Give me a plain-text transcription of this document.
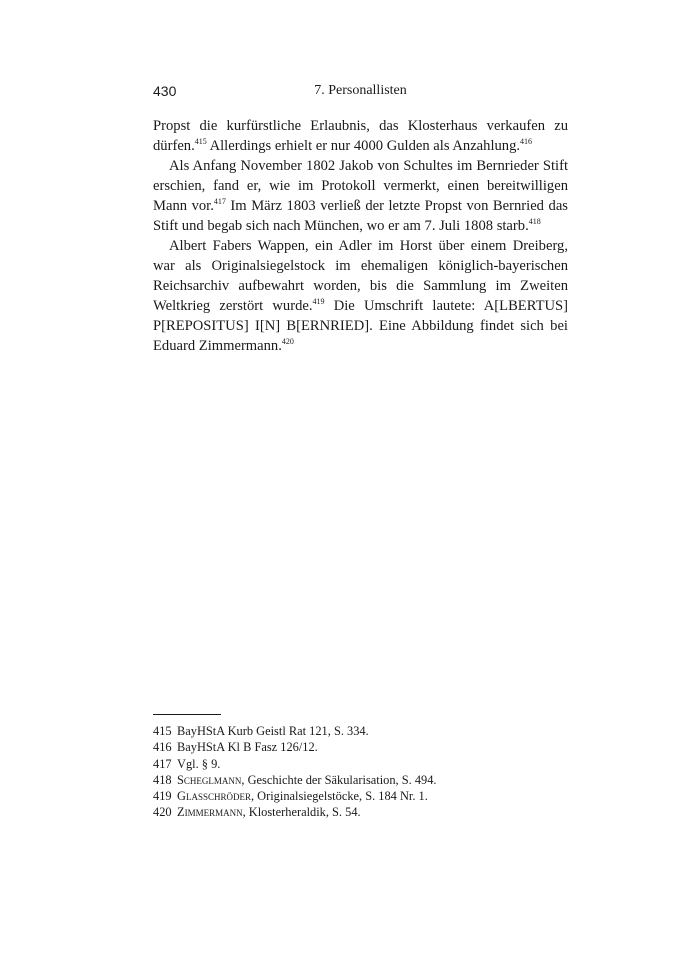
430	7. Personallisten

Propst die kurfürstliche Erlaubnis, das Klosterhaus verkaufen zu dürfen.$^{415}$ Allerdings erhielt er nur 4000 Gulden als Anzahlung.$^{416}$

Als Anfang November 1802 Jakob von Schultes im Bernrieder Stift erschien, fand er, wie im Protokoll vermerkt, einen bereitwilligen Mann vor.$^{417}$ Im März 1803 verließ der letzte Propst von Bernried das Stift und begab sich nach München, wo er am 7. Juli 1808 starb.$^{418}$

Albert Fabers Wappen, ein Adler im Horst über einem Dreiberg, war als Originalsiegelstock im ehemaligen königlich-bayerischen Reichsarchiv aufbewahrt worden, bis die Sammlung im Zweiten Weltkrieg zerstört wurde.$^{419}$ Die Umschrift lautete: A[LBERTUS] P[REPOSITUS] I[N] B[ERNRIED]. Eine Abbildung findet sich bei Eduard Zimmermann.$^{420}$

415 BayHStA Kurb Geistl Rat 121, S. 334.
416 BayHStA Kl B Fasz 126/12.
417 Vgl. § 9.
418 Scheglmann, Geschichte der Säkularisation, S. 494.
419 Glasschröder, Originalsiegelstöcke, S. 184 Nr. 1.
420 Zimmermann, Klosterheraldik, S. 54.
